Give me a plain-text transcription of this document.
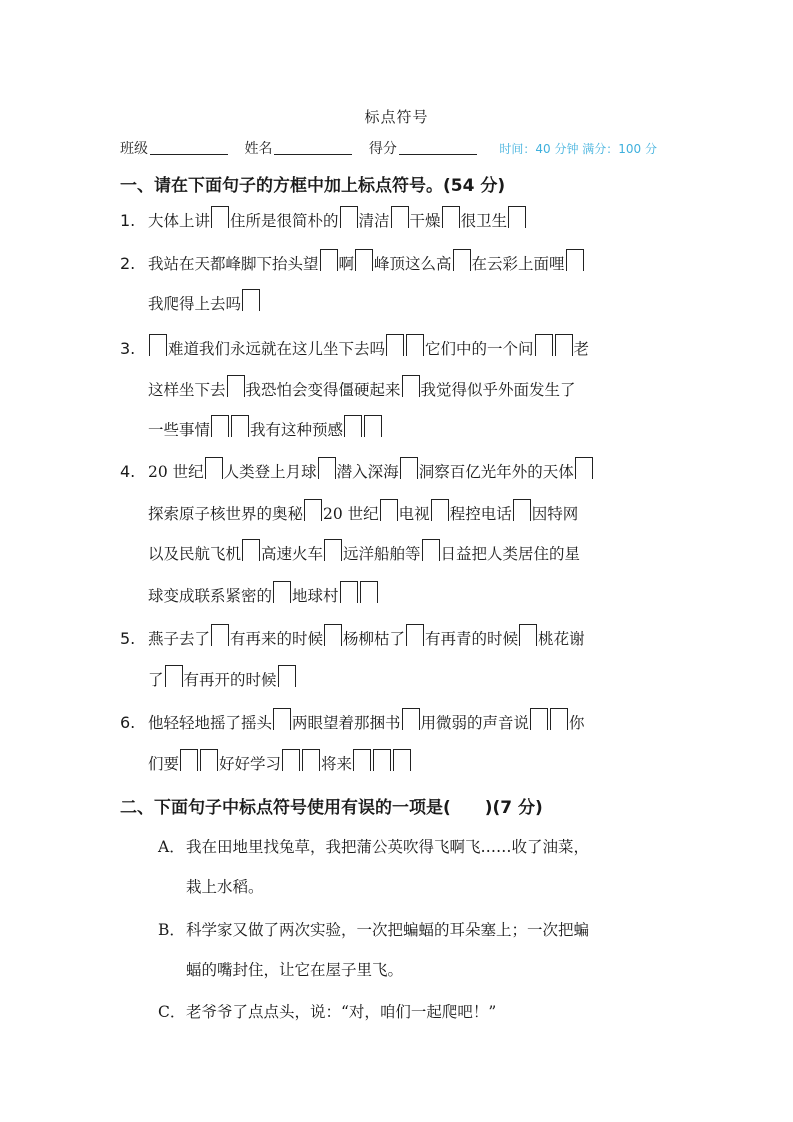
标点符号
班级	姓名	得分	时间：40 分钟 满分：100 分
一、请在下面句子的方框中加上标点符号。(54 分)
1. 大体上讲 住所是很简朴的 清洁 干燥 很卫生
2. 我站在天都峰脚下抬头望 啊 峰顶这么高 在云彩上面哩
我爬得上去吗
3. 难道我们永远就在这儿坐下去吗	它们中的一个问	老
这样坐下去 我恐怕会变得僵硬起来 我觉得似乎外面发生了
一些事情	我有这种预感
4. 20 世纪 人类登上月球 潜入深海 洞察百亿光年外的天体
探索原子核世界的奥秘 20 世纪 电视 程控电话 因特网
以及民航飞机 高速火车 远洋船舶等 日益把人类居住的星
球变成联系紧密的 地球村
5. 燕子去了 有再来的时候 杨柳枯了 有再青的时候 桃花谢
了 有再开的时候
6. 他轻轻地摇了摇头 两眼望着那捆书 用微弱的声音说	你
们要	好好学习	将来
二、下面句子中标点符号使用有误的一项是(　　)(7 分)
A．我在田地里找兔草，我把蒲公英吹得飞啊飞……收了油菜，
栽上水稻。
B．科学家又做了两次实验，一次把蝙蝠的耳朵塞上；一次把蝙
蝠的嘴封住，让它在屋子里飞。
C．老爷爷了点点头，说：“对，咱们一起爬吧！”
